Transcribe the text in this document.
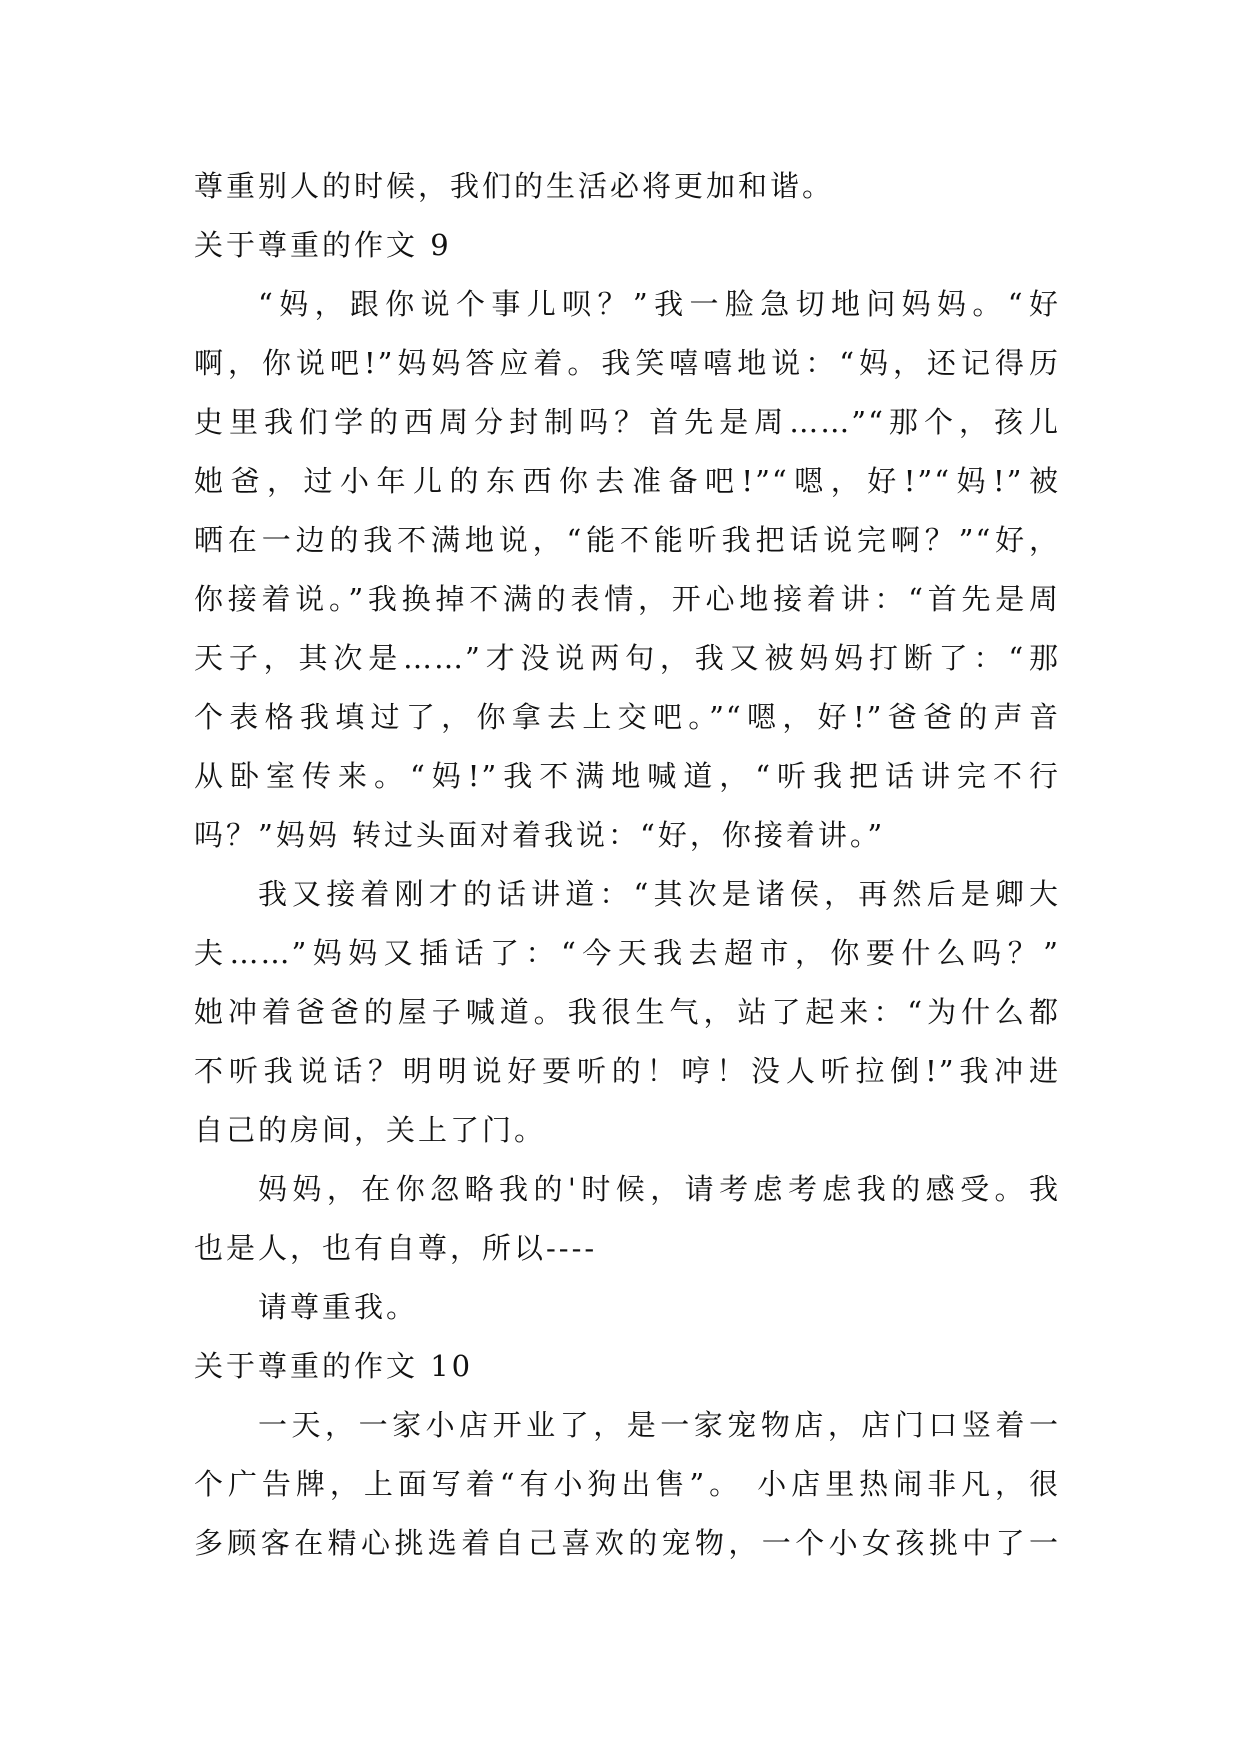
尊重别人的时候，我们的生活必将更加和谐。
关于尊重的作文 9
“妈，跟你说个事儿呗？”我一脸急切地问妈妈。“好
啊，你说吧!”妈妈答应着。我笑嘻嘻地说：“妈，还记得历
史里我们学的西周分封制吗？首先是周……”“那个，孩儿
她爸，过小年儿的东西你去准备吧!”“嗯，好!”“妈!”被
晒在一边的我不满地说，“能不能听我把话说完啊？”“好，
你接着说。”我换掉不满的表情，开心地接着讲：“首先是周
天子，其次是……”才没说两句，我又被妈妈打断了：“那
个表格我填过了，你拿去上交吧。”“嗯，好!”爸爸的声音
从卧室传来。“妈!”我不满地喊道，“听我把话讲完不行
吗？”妈妈 转过头面对着我说：“好，你接着讲。”
我又接着刚才的话讲道：“其次是诸侯，再然后是卿大
夫……”妈妈又插话了：“今天我去超市，你要什么吗？”
她冲着爸爸的屋子喊道。我很生气，站了起来：“为什么都
不听我说话？明明说好要听的！哼！没人听拉倒!”我冲进
自己的房间，关上了门。
妈妈，在你忽略我的'时候，请考虑考虑我的感受。我
也是人，也有自尊，所以----
请尊重我。
关于尊重的作文 10
一天，一家小店开业了，是一家宠物店，店门口竖着一
个广告牌，上面写着“有小狗出售”。 小店里热闹非凡，很
多顾客在精心挑选着自己喜欢的宠物，一个小女孩挑中了一
